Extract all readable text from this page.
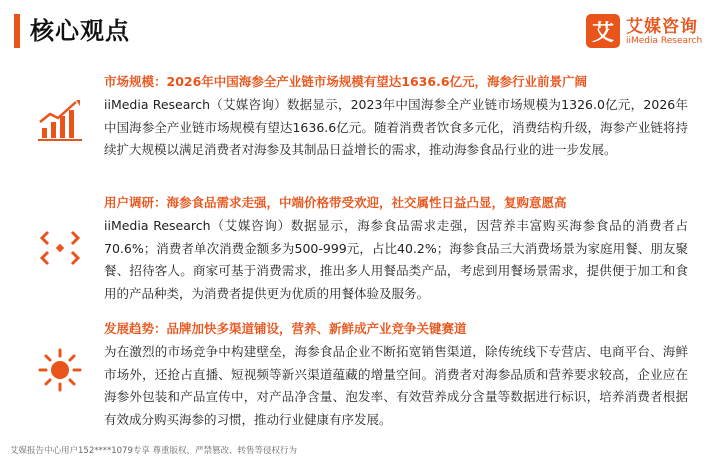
核心观点	艾 艾媒咨询
iiMedia Research
市场规模：2026年中国海参全产业链市场规模有望达1636.6亿元，海参行业前景广阔
iiMedia Research（艾媒咨询）数据显示，2023年中国海参全产业链市场规模为1326.0亿元，2026年中国海参全产业链市场规模有望达1636.6亿元。随着消费者饮食多元化，消费结构升级，海参产业链将持续扩大规模以满足消费者对海参及其制品日益增长的需求，推动海参食品行业的进一步发展。
用户调研：海参食品需求走强，中端价格带受欢迎，社交属性日益凸显，复购意愿高
iiMedia Research（艾媒咨询）数据显示，海参食品需求走强，因营养丰富购买海参食品的消费者占70.6%；消费者单次消费金额多为500-999元，占比40.2%；海参食品三大消费场景为家庭用餐、朋友聚餐、招待客人。商家可基于消费需求，推出多人用餐品类产品，考虑到用餐场景需求，提供便于加工和食用的产品种类，为消费者提供更为优质的用餐体验及服务。
发展趋势：品牌加快多渠道铺设，营养、新鲜成产业竞争关键赛道
为在激烈的市场竞争中构建壁垒，海参食品企业不断拓宽销售渠道，除传统线下专营店、电商平台、海鲜市场外，还抢占直播、短视频等新兴渠道蕴藏的增量空间。消费者对海参品质和营养要求较高，企业应在海参外包装和产品宣传中，对产品净含量、泡发率、有效营养成分含量等数据进行标识，培养消费者根据有效成分购买海参的习惯，推动行业健康有序发展。
艾媒报告中心用户152****1079专享 尊重版权，严禁篡改、转售等侵权行为
